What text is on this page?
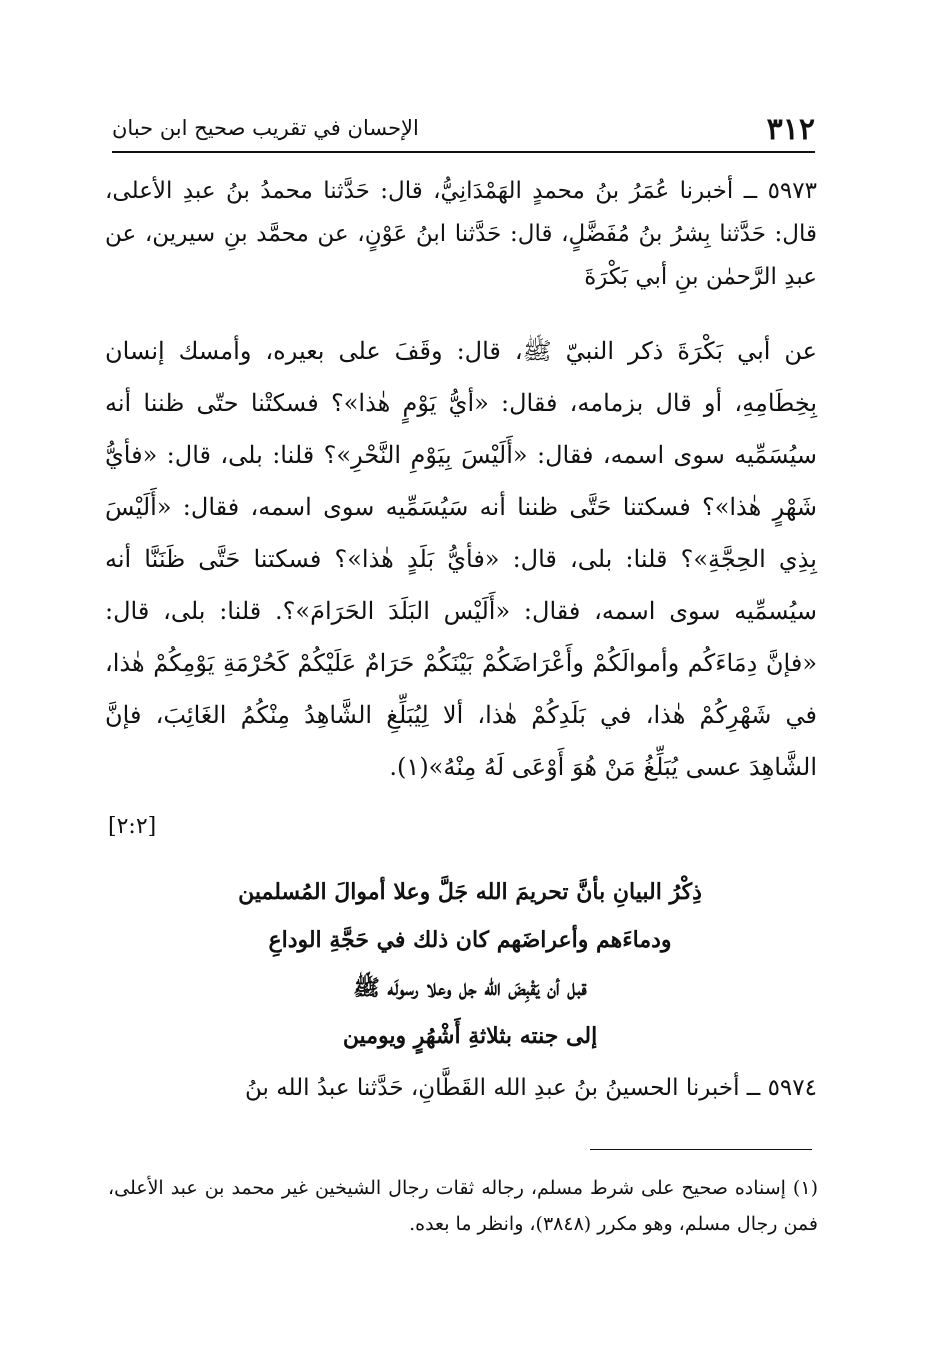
٣١٢
الإحسان في تقريب صحيح ابن حبان

٥٩٧٣ ــ أخبرنا عُمَرُ بنُ محمدٍ الهَمْدَانِيُّ، قال: حَدَّثنا محمدُ بنُ عبدِ الأعلى، قال: حَدَّثنا بِشرُ بنُ مُفَضَّلٍ، قال: حَدَّثنا ابنُ عَوْنٍ، عن محمَّد بنِ سيرين، عن عبدِ الرَّحمٰن بنِ أبي بَكْرَةَ

عن أبي بَكْرَةَ ذكر النبيّ ﷺ، قال: وقَفَ على بعيره، وأمسك إنسان بِخِطَامِهِ، أو قال بزمامه، فقال: «أيُّ يَوْمٍ هٰذا»؟ فسكتْنا حتّى ظننا أنه سيُسَمِّيه سوى اسمه، فقال: «أَلَيْسَ بِيَوْمِ النَّحْرِ»؟ قلنا: بلى، قال: «فأيُّ شَهْرٍ هٰذا»؟ فسكتنا حَتَّى ظننا أنه سَيُسَمِّيه سوى اسمه، فقال: «أَلَيْسَ بِذِي الحِجَّةِ»؟ قلنا: بلى، قال: «فأيُّ بَلَدٍ هٰذا»؟ فسكتنا حَتَّى ظَنَنَّا أنه سيُسمِّيه سوى اسمه، فقال: «أَلَيْس البَلَدَ الحَرَامَ»؟. قلنا: بلى، قال: «فإنَّ دِمَاءَكُم وأموالَكُمْ وأَعْرَاضَكُمْ بَيْنَكُمْ حَرَامٌ عَلَيْكُمْ كَحُرْمَةِ يَوْمِكُمْ هٰذا، في شَهْرِكُمْ هٰذا، في بَلَدِكُمْ هٰذا، ألا لِيُبَلِّغِ الشَّاهِدُ مِنْكُمُ الغَائِبَ، فإنَّ الشَّاهِدَ عسى يُبَلِّغُ مَنْ هُوَ أَوْعَى لَهُ مِنْهُ»(١).

[٢:٢]
ذِكْرُ البيانِ بأنَّ تحريمَ الله جَلَّ وعلا أموالَ المُسلمين
ودماءَهم وأعراضَهم كان ذلك في حَجَّةِ الوداعِ
قبل أن يَقْبِضَ الله جل وعلا رسولَه ﷺ
إلى جنته بثلاثةِ أَشْهُرٍ ويومين

٥٩٧٤ ــ أخبرنا الحسينُ بنُ عبدِ الله القَطَّانِ، حَدَّثنا عبدُ الله بنُ

(١) إسناده صحيح على شرط مسلم، رجاله ثقات رجال الشيخين غير محمد بن عبد الأعلى، فمن رجال مسلم، وهو مكرر (٣٨٤٨)، وانظر ما بعده.
